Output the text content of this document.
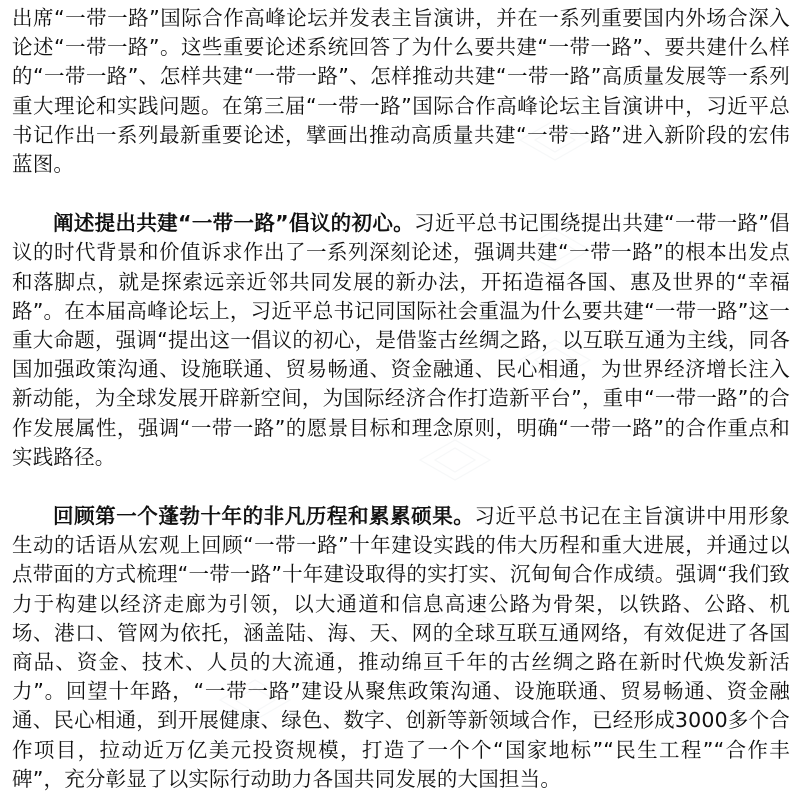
出席“一带一路”国际合作高峰论坛并发表主旨演讲，并在一系列重要国内外场合深入论述“一带一路”。这些重要论述系统回答了为什么要共建“一带一路”、要共建什么样的“一带一路”、怎样共建“一带一路”、怎样推动共建“一带一路”高质量发展等一系列重大理论和实践问题。在第三届“一带一路”国际合作高峰论坛主旨演讲中，习近平总书记作出一系列最新重要论述，擘画出推动高质量共建“一带一路”进入新阶段的宏伟蓝图。

阐述提出共建“一带一路”倡议的初心。习近平总书记围绕提出共建“一带一路”倡议的时代背景和价值诉求作出了一系列深刻论述，强调共建“一带一路”的根本出发点和落脚点，就是探索远亲近邻共同发展的新办法，开拓造福各国、惠及世界的“幸福路”。在本届高峰论坛上，习近平总书记同国际社会重温为什么要共建“一带一路”这一重大命题，强调“提出这一倡议的初心，是借鉴古丝绸之路，以互联互通为主线，同各国加强政策沟通、设施联通、贸易畅通、资金融通、民心相通，为世界经济增长注入新动能，为全球发展开辟新空间，为国际经济合作打造新平台”，重申“一带一路”的合作发展属性，强调“一带一路”的愿景目标和理念原则，明确“一带一路”的合作重点和实践路径。

回顾第一个蓬勃十年的非凡历程和累累硕果。习近平总书记在主旨演讲中用形象生动的话语从宏观上回顾“一带一路”十年建设实践的伟大历程和重大进展，并通过以点带面的方式梳理“一带一路”十年建设取得的实打实、沉甸甸合作成绩。强调“我们致力于构建以经济走廊为引领，以大通道和信息高速公路为骨架，以铁路、公路、机场、港口、管网为依托，涵盖陆、海、天、网的全球互联互通网络，有效促进了各国商品、资金、技术、人员的大流通，推动绵亘千年的古丝绸之路在新时代焕发新活力”。回望十年路，“一带一路”建设从聚焦政策沟通、设施联通、贸易畅通、资金融通、民心相通，到开展健康、绿色、数字、创新等新领域合作，已经形成3000多个合作项目，拉动近万亿美元投资规模，打造了一个个“国家地标”“民生工程”“合作丰碑”，充分彰显了以实际行动助力各国共同发展的大国担当。
